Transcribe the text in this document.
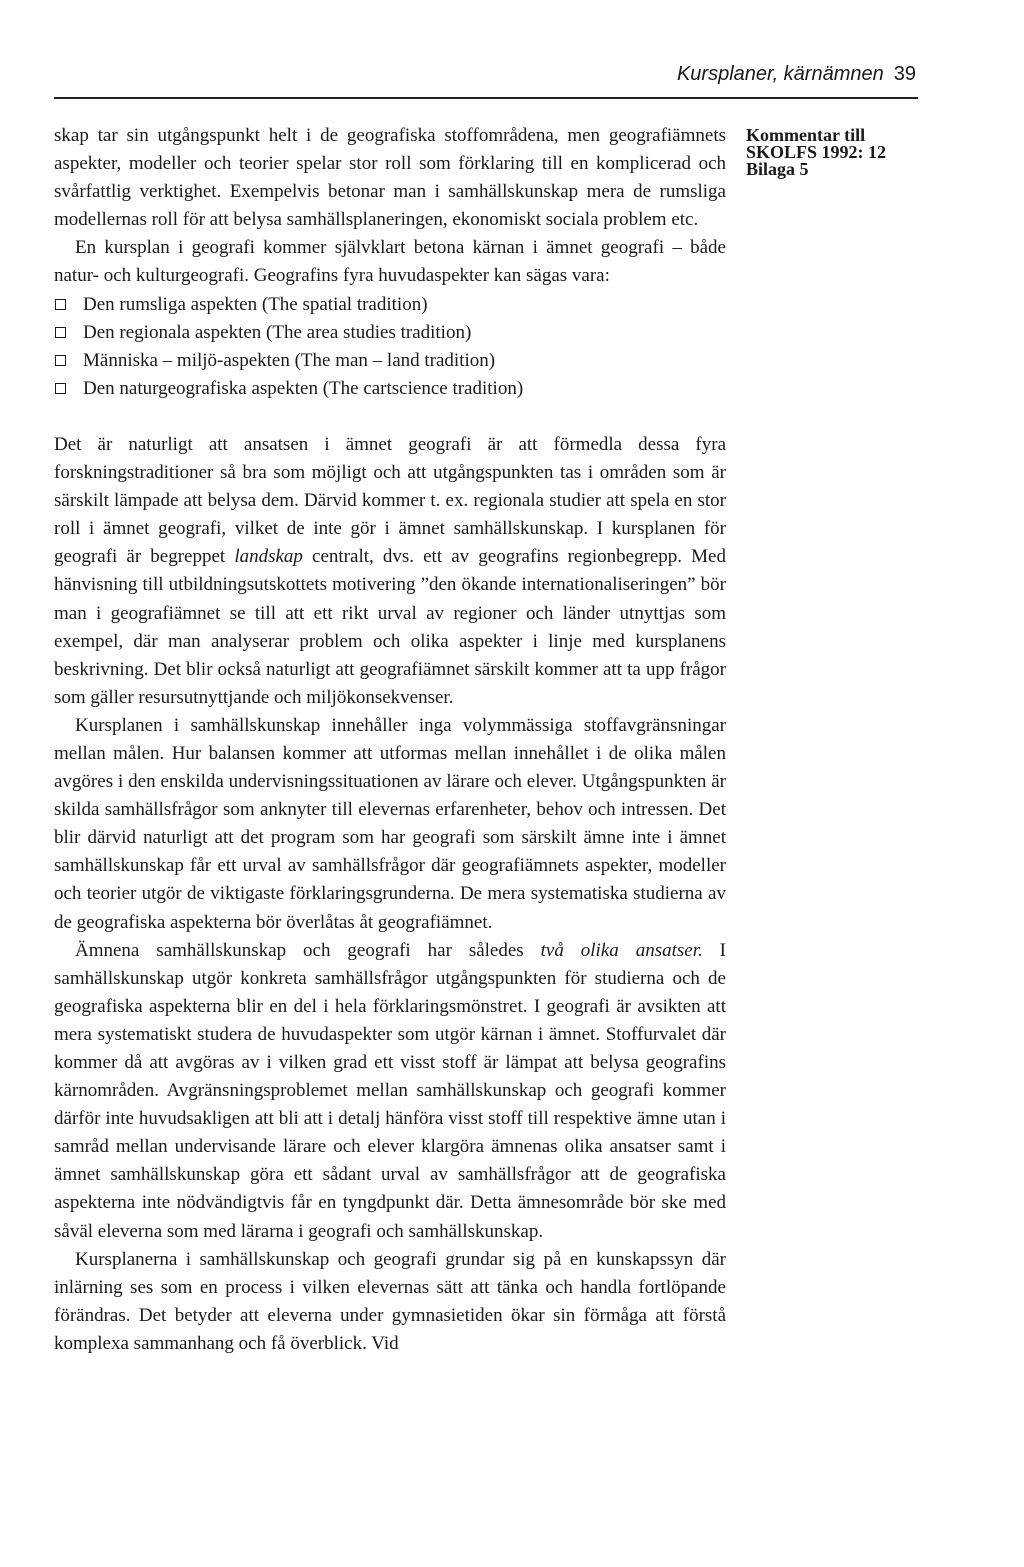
Kursplaner, kärnämnen 39
Kommentar till
SKOLFS 1992: 12
Bilaga 5

skap tar sin utgångspunkt helt i de geografiska stoffområdena, men geografiämnets aspekter, modeller och teorier spelar stor roll som förklaring till en komplicerad och svårfattlig verktighet. Exempelvis betonar man i samhällskunskap mera de rumsliga modellernas roll för att belysa samhällsplaneringen, ekonomiskt sociala problem etc.

En kursplan i geografi kommer självklart betona kärnan i ämnet geografi – både natur- och kulturgeografi. Geografins fyra huvudaspekter kan sägas vara:

Den rumsliga aspekten (The spatial tradition)
Den regionala aspekten (The area studies tradition)
Människa – miljö-aspekten (The man – land tradition)
Den naturgeografiska aspekten (The cartscience tradition)

Det är naturligt att ansatsen i ämnet geografi är att förmedla dessa fyra forskningstraditioner så bra som möjligt och att utgångspunkten tas i områden som är särskilt lämpade att belysa dem. Därvid kommer t. ex. regionala studier att spela en stor roll i ämnet geografi, vilket de inte gör i ämnet samhällskunskap. I kursplanen för geografi är begreppet landskap centralt, dvs. ett av geografins regionbegrepp. Med hänvisning till utbildningsutskottets motivering ”den ökande internationaliseringen” bör man i geografiämnet se till att ett rikt urval av regioner och länder utnyttjas som exempel, där man analyserar problem och olika aspekter i linje med kursplanens beskrivning. Det blir också naturligt att geografiämnet särskilt kommer att ta upp frågor som gäller resursutnyttjande och miljökonsekvenser.

Kursplanen i samhällskunskap innehåller inga volymmässiga stoffavgränsningar mellan målen. Hur balansen kommer att utformas mellan innehållet i de olika målen avgöres i den enskilda undervisningssituationen av lärare och elever. Utgångspunkten är skilda samhällsfrågor som anknyter till elevernas erfarenheter, behov och intressen. Det blir därvid naturligt att det program som har geografi som särskilt ämne inte i ämnet samhällskunskap får ett urval av samhällsfrågor där geografiämnets aspekter, modeller och teorier utgör de viktigaste förklaringsgrunderna. De mera systematiska studierna av de geografiska aspekterna bör överlåtas åt geografiämnet.

Ämnena samhällskunskap och geografi har således två olika ansatser. I samhällskunskap utgör konkreta samhällsfrågor utgångspunkten för studierna och de geografiska aspekterna blir en del i hela förklaringsmönstret. I geografi är avsikten att mera systematiskt studera de huvudaspekter som utgör kärnan i ämnet. Stoffurvalet där kommer då att avgöras av i vilken grad ett visst stoff är lämpat att belysa geografins kärnområden. Avgränsningsproblemet mellan samhällskunskap och geografi kommer därför inte huvudsakligen att bli att i detalj hänföra visst stoff till respektive ämne utan i samråd mellan undervisande lärare och elever klargöra ämnenas olika ansatser samt i ämnet samhällskunskap göra ett sådant urval av samhällsfrågor att de geografiska aspekterna inte nödvändigtvis får en tyngdpunkt där. Detta ämnesområde bör ske med såväl eleverna som med lärarna i geografi och samhällskunskap.

Kursplanerna i samhällskunskap och geografi grundar sig på en kunskapssyn där inlärning ses som en process i vilken elevernas sätt att tänka och handla fortlöpande förändras. Det betyder att eleverna under gymnasietiden ökar sin förmåga att förstå komplexa sammanhang och få överblick. Vid
